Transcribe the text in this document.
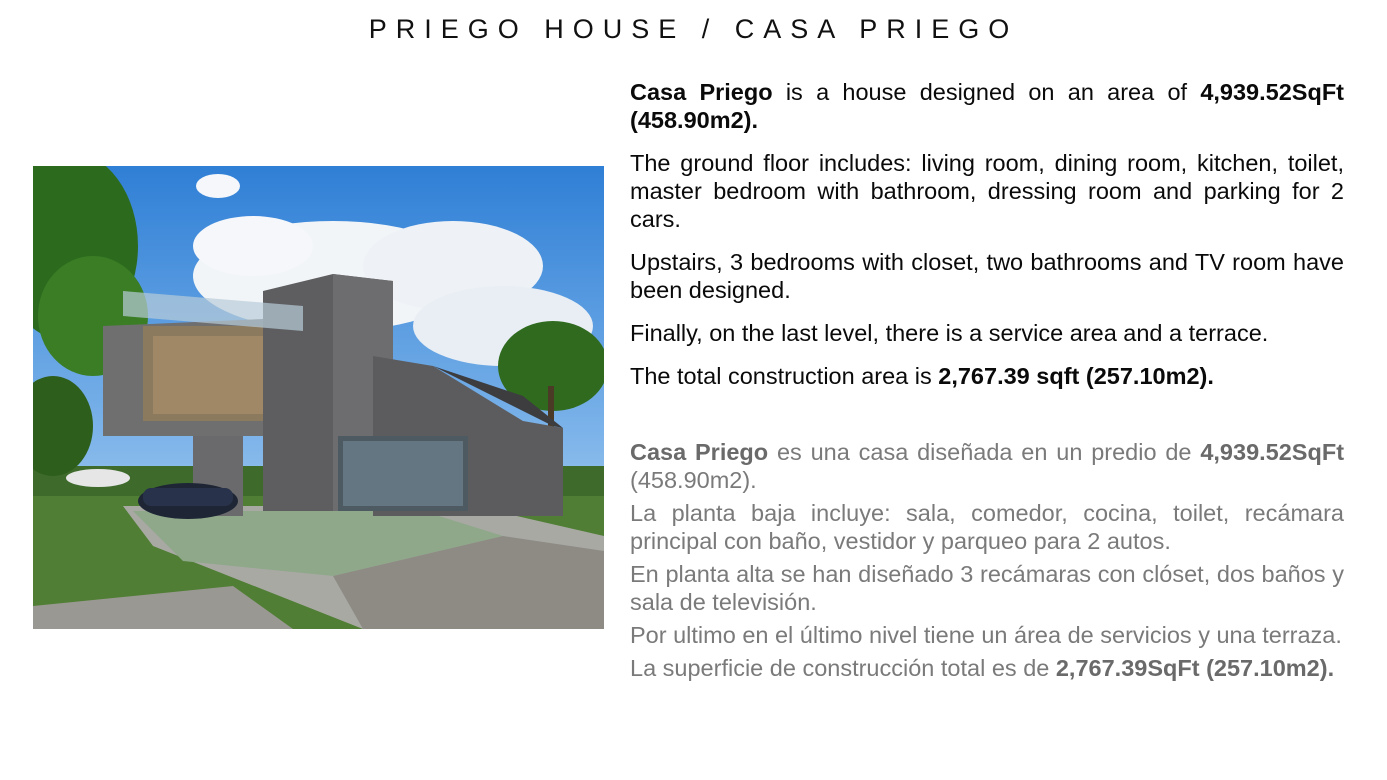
PRIEGO HOUSE / CASA PRIEGO

Casa Priego is a house designed on an area of 4,939.52SqFt (458.90m2).

The ground floor includes: living room, dining room, kitchen, toilet, master bedroom with bathroom, dressing room and parking for 2 cars.

Upstairs, 3 bedrooms with closet, two bathrooms and TV room have been designed.

Finally, on the last level, there is a service area and a terrace.

The total construction area is 2,767.39 sqft (257.10m2).

Casa Priego es una casa diseñada en un predio de 4,939.52SqFt (458.90m2).

La planta baja incluye: sala, comedor, cocina, toilet, recámara principal con baño, vestidor y parqueo para 2 autos.

En planta alta se han diseñado 3 recámaras con clóset, dos baños y sala de televisión.

Por ultimo en el último nivel tiene un área de servicios y una terraza.

La superficie de construcción total es de 2,767.39SqFt (257.10m2).
